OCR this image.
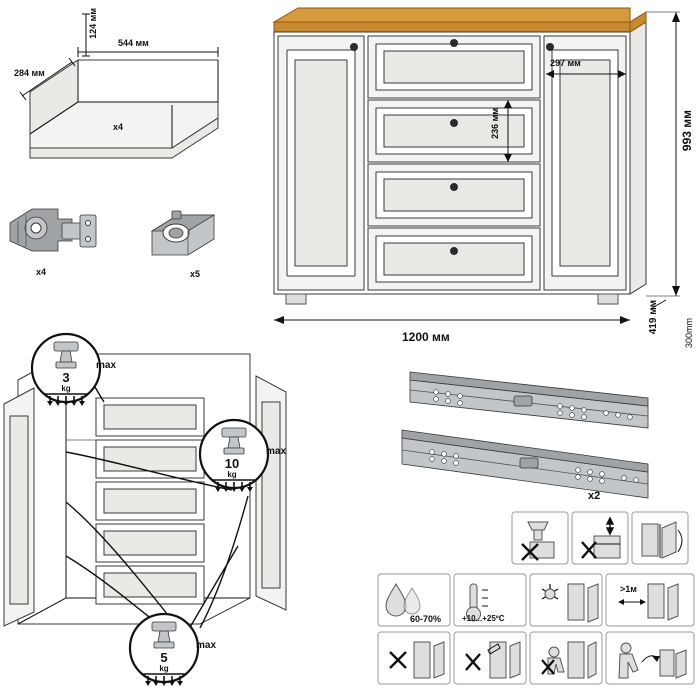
x4
544 мм
284 мм
124 мм
x4	x5
1200 мм
993 мм
419 мм
297 мм
236 мм
3
kg
10
kg
5
kg
max
max
max
300mm
x2
>1м
60-70%	+10...+25ºC
